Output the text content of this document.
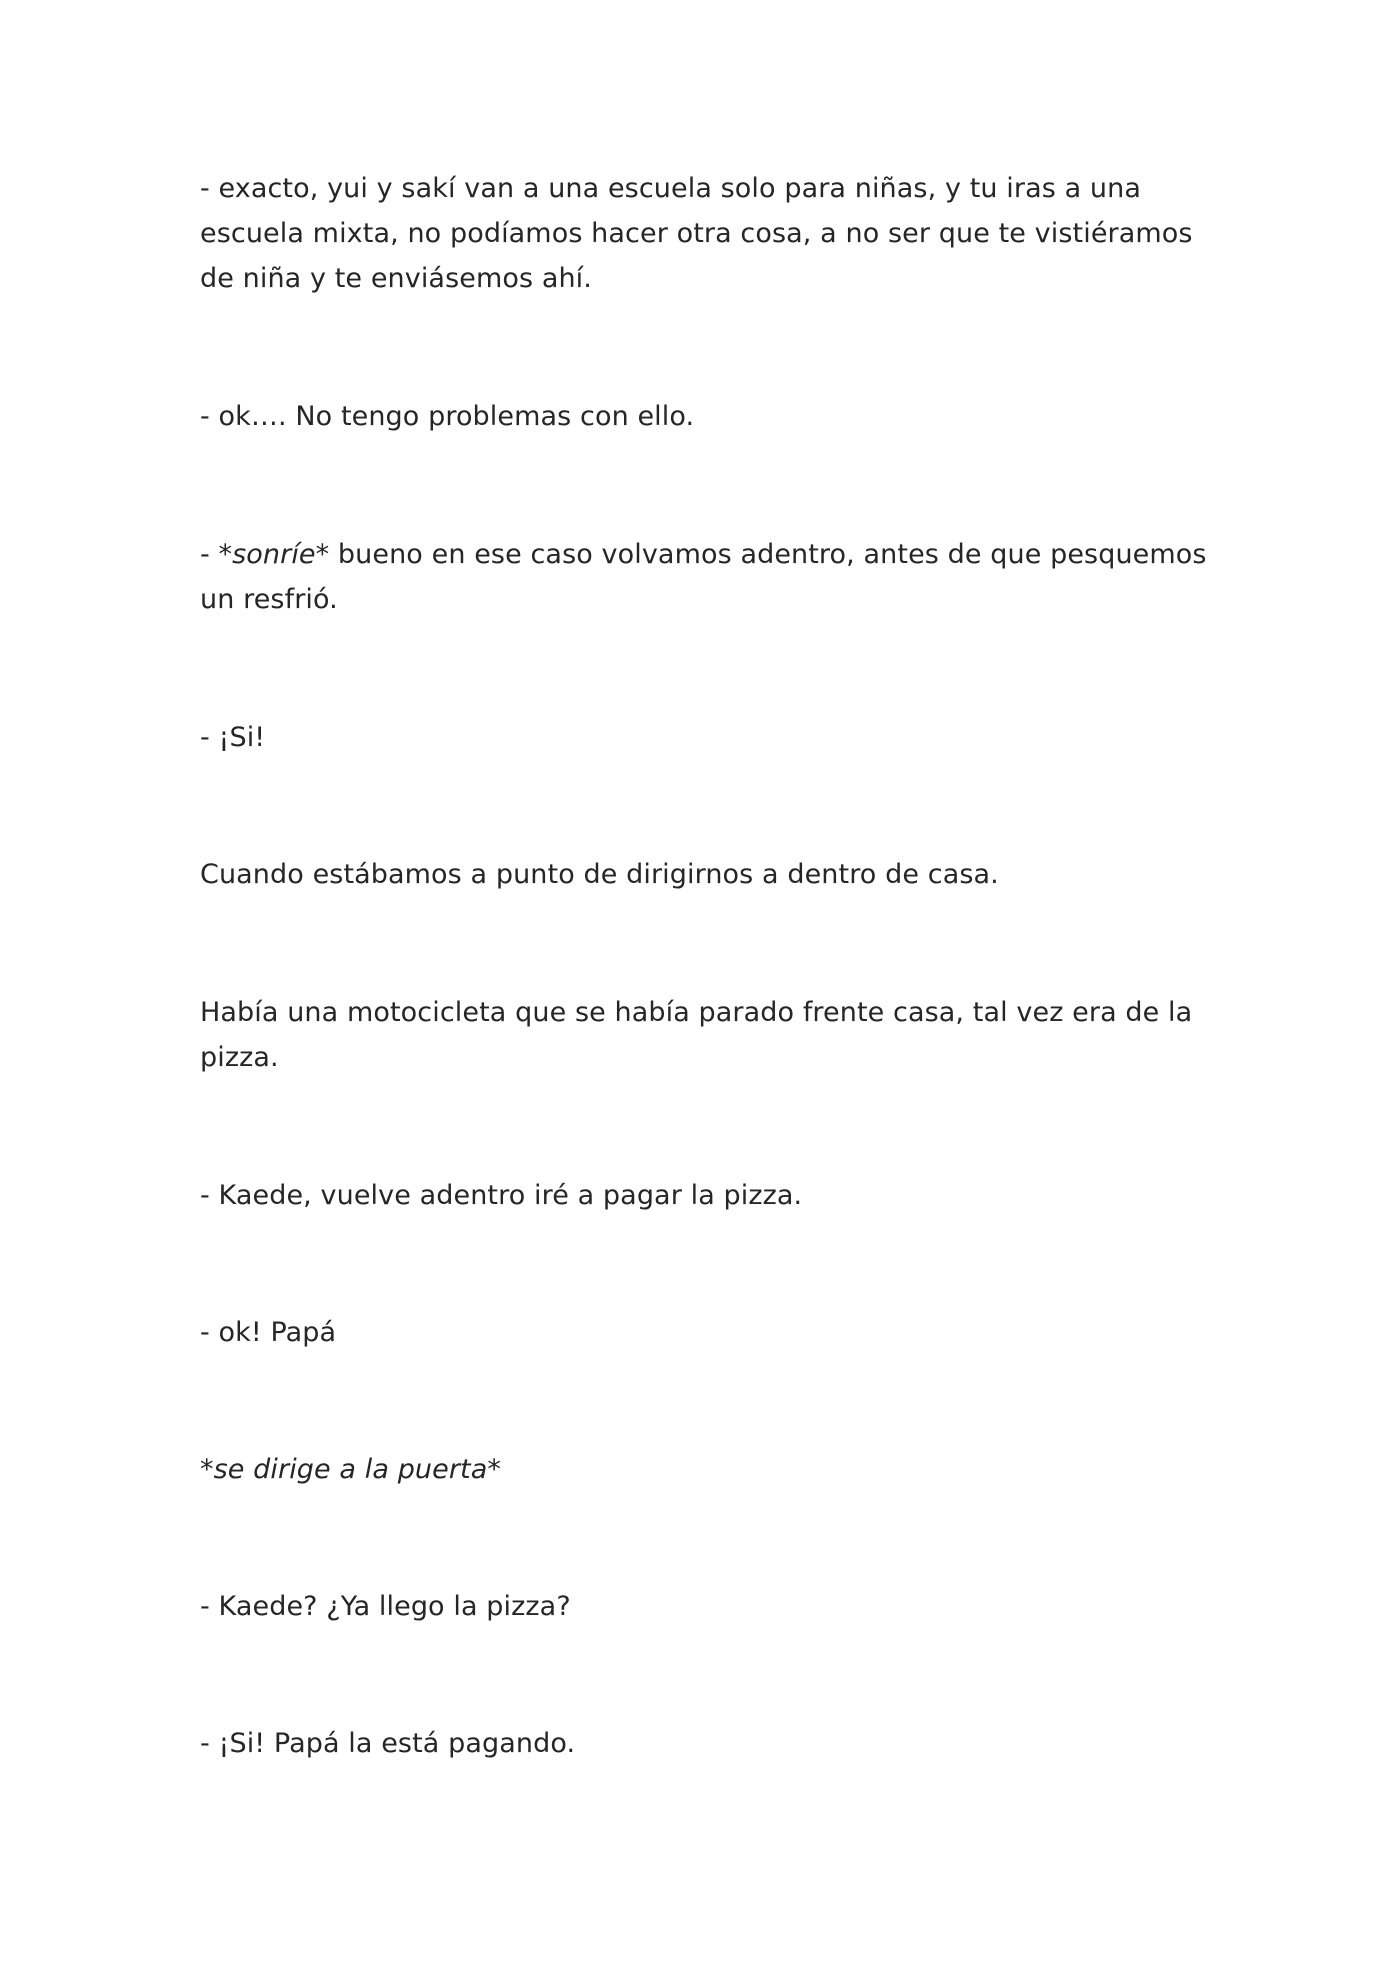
- exacto, yui y sakí van a una escuela solo para niñas, y tu iras a una escuela mixta, no podíamos hacer otra cosa, a no ser que te vistiéramos de niña y te enviásemos ahí.

- ok…. No tengo problemas con ello.

- *sonríe* bueno en ese caso volvamos adentro, antes de que pesquemos un resfrió.

- ¡Si!

Cuando estábamos a punto de dirigirnos a dentro de casa.

Había una motocicleta que se había parado frente casa, tal vez era de la pizza.

- Kaede, vuelve adentro iré a pagar la pizza.

- ok! Papá

*se dirige a la puerta*

- Kaede? ¿Ya llego la pizza?

- ¡Si! Papá la está pagando.
